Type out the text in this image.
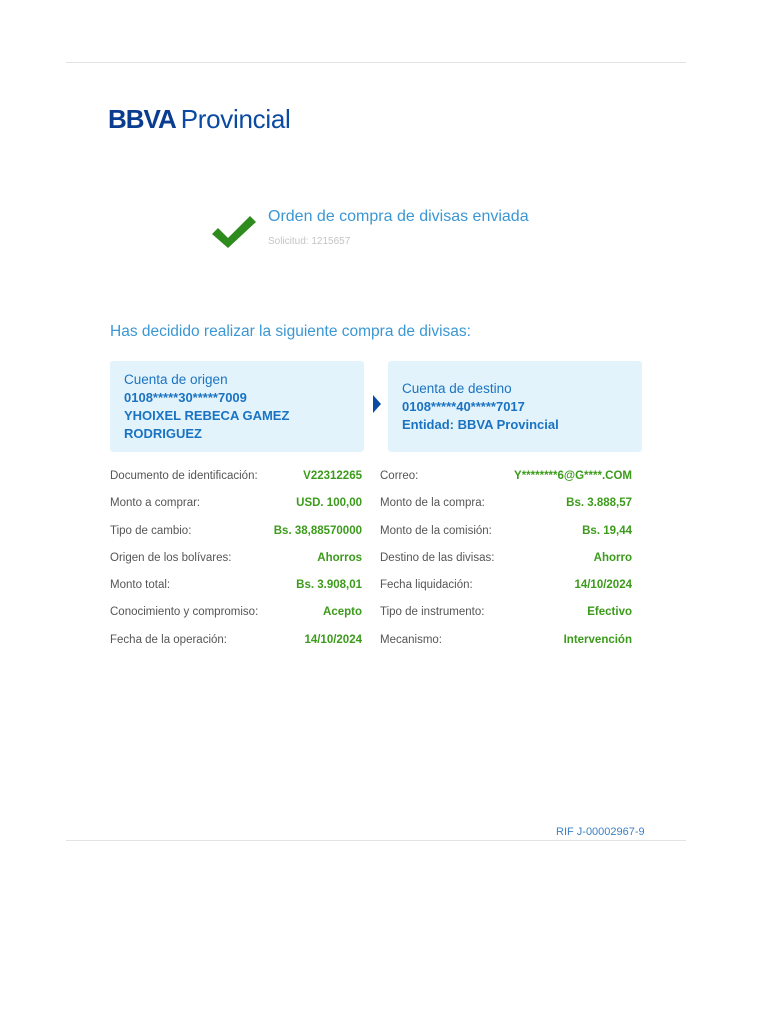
BBVA Provincial
Orden de compra de divisas enviada
Solicitud: 1215657
Has decidido realizar la siguiente compra de divisas:
Cuenta de origen
0108*****30*****7009
YHOIXEL REBECA GAMEZ
RODRIGUEZ
Cuenta de destino
0108*****40*****7017
Entidad: BBVA Provincial
Documento de identificación:	V22312265
Monto a comprar:	USD. 100,00
Tipo de cambio:	Bs. 38,88570000
Origen de los bolívares:	Ahorros
Monto total:	Bs. 3.908,01
Conocimiento y compromiso:	Acepto
Fecha de la operación:	14/10/2024
Correo:	Y********6@G****.COM
Monto de la compra:	Bs. 3.888,57
Monto de la comisión:	Bs. 19,44
Destino de las divisas:	Ahorro
Fecha liquidación:	14/10/2024
Tipo de instrumento:	Efectivo
Mecanismo:	Intervención
RIF J-00002967-9
